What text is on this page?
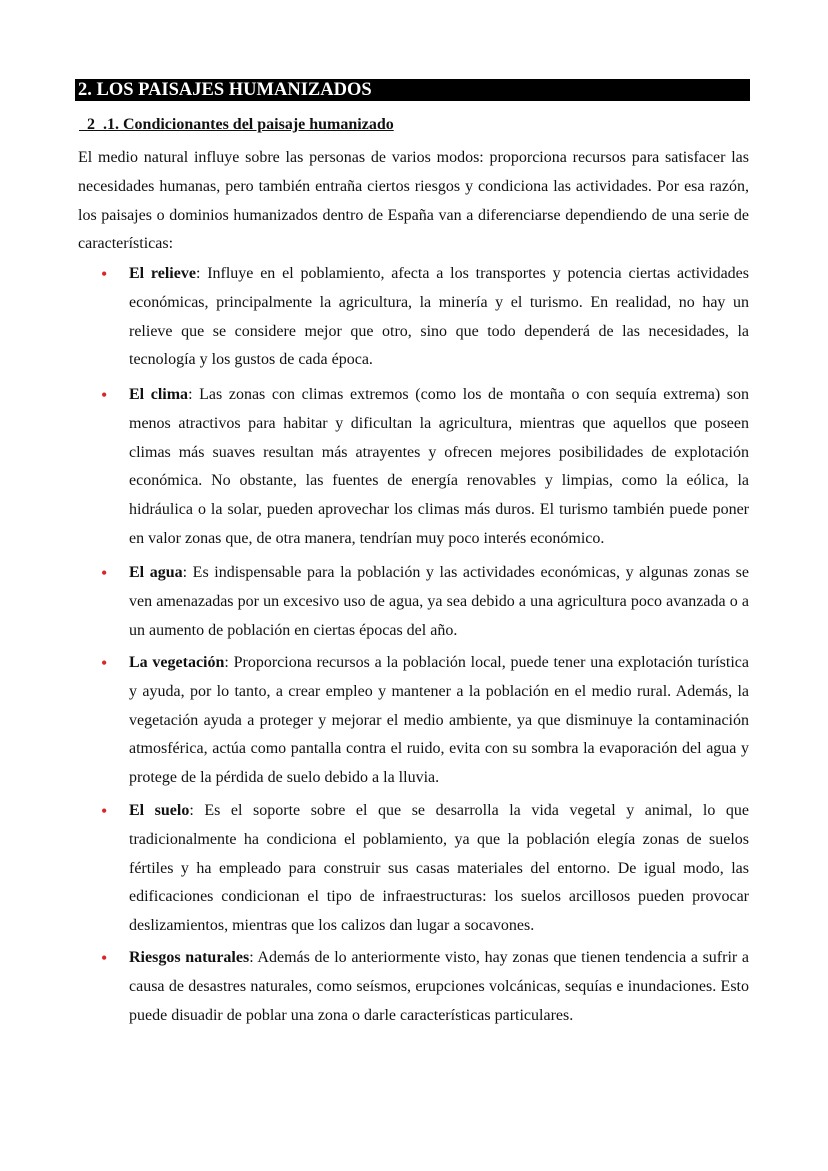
2. LOS PAISAJES HUMANIZADOS
2  .1. Condicionantes del paisaje humanizado

El medio natural influye sobre las personas de varios modos: proporciona recursos para satisfacer las necesidades humanas, pero también entraña ciertos riesgos y condiciona las actividades. Por esa razón, los paisajes o dominios humanizados dentro de España van a diferenciarse dependiendo de una serie de características:

•	El relieve: Influye en el poblamiento, afecta a los transportes y potencia ciertas actividades económicas, principalmente la agricultura, la minería y el turismo. En realidad, no hay un relieve que se considere mejor que otro, sino que todo dependerá de las necesidades, la tecnología y los gustos de cada época.

•	El clima: Las zonas con climas extremos (como los de montaña o con sequía extrema) son menos atractivos para habitar y dificultan la agricultura, mientras que aquellos que poseen climas más suaves resultan más atrayentes y ofrecen mejores posibilidades de explotación económica. No obstante, las fuentes de energía renovables y limpias, como la eólica, la hidráulica o la solar, pueden aprovechar los climas más duros. El turismo también puede poner en valor zonas que, de otra manera, tendrían muy poco interés económico.

•	El agua: Es indispensable para la población y las actividades económicas, y algunas zonas se ven amenazadas por un excesivo uso de agua, ya sea debido a una agricultura poco avanzada o a un aumento de población en ciertas épocas del año.

•	La vegetación: Proporciona recursos a la población local, puede tener una explotación turística y ayuda, por lo tanto, a crear empleo y mantener a la población en el medio rural. Además, la vegetación ayuda a proteger y mejorar el medio ambiente, ya que disminuye la contaminación atmosférica, actúa como pantalla contra el ruido, evita con su sombra la evaporación del agua y protege de la pérdida de suelo debido a la lluvia.

•	El suelo: Es el soporte sobre el que se desarrolla la vida vegetal y animal, lo que tradicionalmente ha condiciona el poblamiento, ya que la población elegía zonas de suelos fértiles y ha empleado para construir sus casas materiales del entorno. De igual modo, las edificaciones condicionan el tipo de infraestructuras: los suelos arcillosos pueden provocar deslizamientos, mientras que los calizos dan lugar a socavones.

•	Riesgos naturales: Además de lo anteriormente visto, hay zonas que tienen tendencia a sufrir a causa de desastres naturales, como seísmos, erupciones volcánicas, sequías e inundaciones. Esto puede disuadir de poblar una zona o darle características particulares.
